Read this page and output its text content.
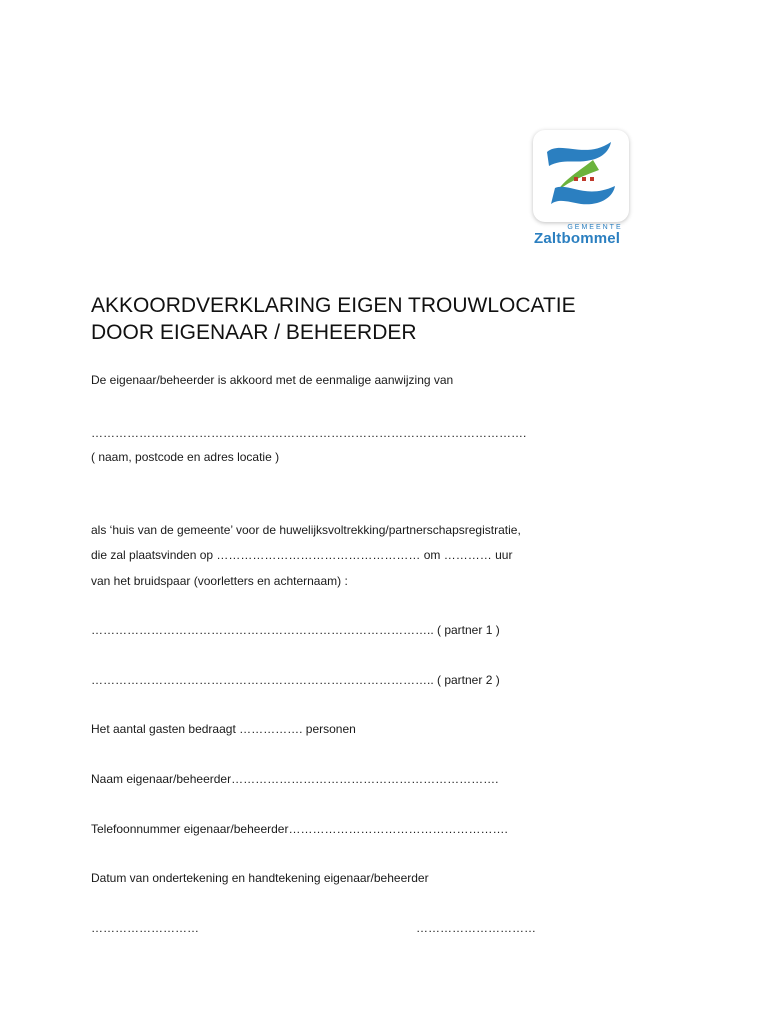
GEMEENTE
Zaltbommel
AKKOORDVERKLARING EIGEN TROUWLOCATIE
DOOR EIGENAAR / BEHEERDER
De eigenaar/beheerder is akkoord met de eenmalige aanwijzing van
……………………………………………………………………………………………….
( naam, postcode en adres locatie )
als ‘huis van de gemeente’ voor de huwelijksvoltrekking/partnerschapsregistratie,
die zal plaatsvinden op …………………………………………… om ………… uur
van het bruidspaar (voorletters en achternaam) :
………………………………………………………………………….. ( partner 1 )
………………………………………………………………………….. ( partner 2 )
Het aantal gasten bedraagt ……………. personen
Naam eigenaar/beheerder………………………………………………………….
Telefoonnummer eigenaar/beheerder……………………………………………….
Datum van ondertekening en handtekening eigenaar/beheerder
………………………	…………………………
